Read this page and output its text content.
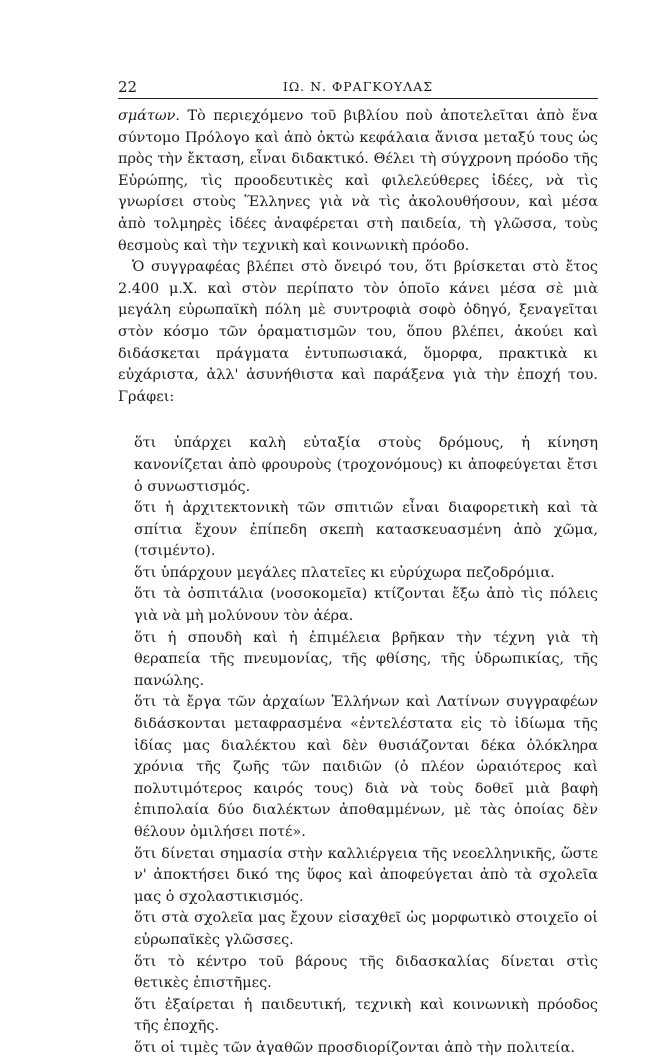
22	ΙΩ. Ν. ΦΡΑΓΚΟΥΛΑΣ

σμάτων. Τὸ περιεχόμενο τοῦ βιβλίου ποὺ ἀποτελεῖται ἀπὸ ἕνα σύντομο Πρόλογο καὶ ἀπὸ ὀκτὼ κεφάλαια ἄνισα μεταξύ τους ὡς πρὸς τὴν ἔκταση, εἶναι διδακτικό. Θέλει τὴ σύγχρονη πρόοδο τῆς Εὐρώπης, τὶς προοδευτικὲς καὶ φιλελεύθερες ἰδέες, νὰ τὶς γνωρίσει στοὺς Ἕλληνες γιὰ νὰ τὶς ἀκολουθήσουν, καὶ μέσα ἀπὸ τολμηρὲς ἰδέες ἀναφέρεται στὴ παιδεία, τὴ γλῶσσα, τοὺς θεσμοὺς καὶ τὴν τεχνικὴ καὶ κοινωνικὴ πρόοδο.

Ὁ συγγραφέας βλέπει στὸ ὄνειρό του, ὅτι βρίσκεται στὸ ἔτος 2.400 μ.Χ. καὶ στὸν περίπατο τὸν ὁποῖο κάνει μέσα σὲ μιὰ μεγάλη εὐρωπαϊκὴ πόλη μὲ συντροφιὰ σοφὸ ὁδηγό, ξεναγεῖται στὸν κόσμο τῶν ὁραματισμῶν του, ὅπου βλέπει, ἀκούει καὶ διδάσκεται πράγματα ἐντυπωσιακά, ὅμορφα, πρακτικὰ κι εὐχάριστα, ἀλλ' ἀσυνήθιστα καὶ παράξενα γιὰ τὴν ἐποχή του. Γράφει:

ὅτι ὑπάρχει καλὴ εὐταξία στοὺς δρόμους, ἡ κίνηση κανονίζεται ἀπὸ φρουροὺς (τροχονόμους) κι ἀποφεύγεται ἔτσι ὁ συνωστισμός.

ὅτι ἡ ἀρχιτεκτονικὴ τῶν σπιτιῶν εἶναι διαφορετικὴ καὶ τὰ σπίτια ἔχουν ἐπίπεδη σκεπὴ κατασκευασμένη ἀπὸ χῶμα, (τσιμέντο).

ὅτι ὑπάρχουν μεγάλες πλατεῖες κι εὐρύχωρα πεζοδρόμια.

ὅτι τὰ ὀσπιτάλια (νοσοκομεῖα) κτίζονται ἔξω ἀπὸ τὶς πόλεις γιὰ νὰ μὴ μολύνουν τὸν ἀέρα.

ὅτι ἡ σπουδὴ καὶ ἡ ἐπιμέλεια βρῆκαν τὴν τέχνη γιὰ τὴ θεραπεία τῆς πνευμονίας, τῆς φθίσης, τῆς ὑδρωπικίας, τῆς πανώλης.

ὅτι τὰ ἔργα τῶν ἀρχαίων Ἑλλήνων καὶ Λατίνων συγγραφέων διδάσκονται μεταφρασμένα «ἐντελέστατα εἰς τὸ ἰδίωμα τῆς ἰδίας μας διαλέκτου καὶ δὲν θυσιάζονται δέκα ὁλόκληρα χρόνια τῆς ζωῆς τῶν παιδιῶν (ὁ πλέον ὡραιότερος καὶ πολυτιμότερος καιρός τους) διὰ νὰ τοὺς δοθεῖ μιὰ βαφὴ ἐπιπολαία δύο διαλέκτων ἀποθαμμένων, μὲ τὰς ὁποίας δὲν θέλουν ὁμιλήσει ποτέ».

ὅτι δίνεται σημασία στὴν καλλιέργεια τῆς νεοελληνικῆς, ὥστε ν' ἀποκτήσει δικό της ὕφος καὶ ἀποφεύγεται ἀπὸ τὰ σχολεῖα μας ὁ σχολαστικισμός.

ὅτι στὰ σχολεῖα μας ἔχουν εἰσαχθεῖ ὡς μορφωτικὸ στοιχεῖο οἱ εὐρωπαϊκὲς γλῶσσες.

ὅτι τὸ κέντρο τοῦ βάρους τῆς διδασκαλίας δίνεται στὶς θετικὲς ἐπιστῆμες.

ὅτι ἐξαίρεται ἡ παιδευτική, τεχνικὴ καὶ κοινωνικὴ πρόοδος τῆς ἐποχῆς.

ὅτι οἱ τιμὲς τῶν ἀγαθῶν προσδιορίζονται ἀπὸ τὴν πολιτεία.
